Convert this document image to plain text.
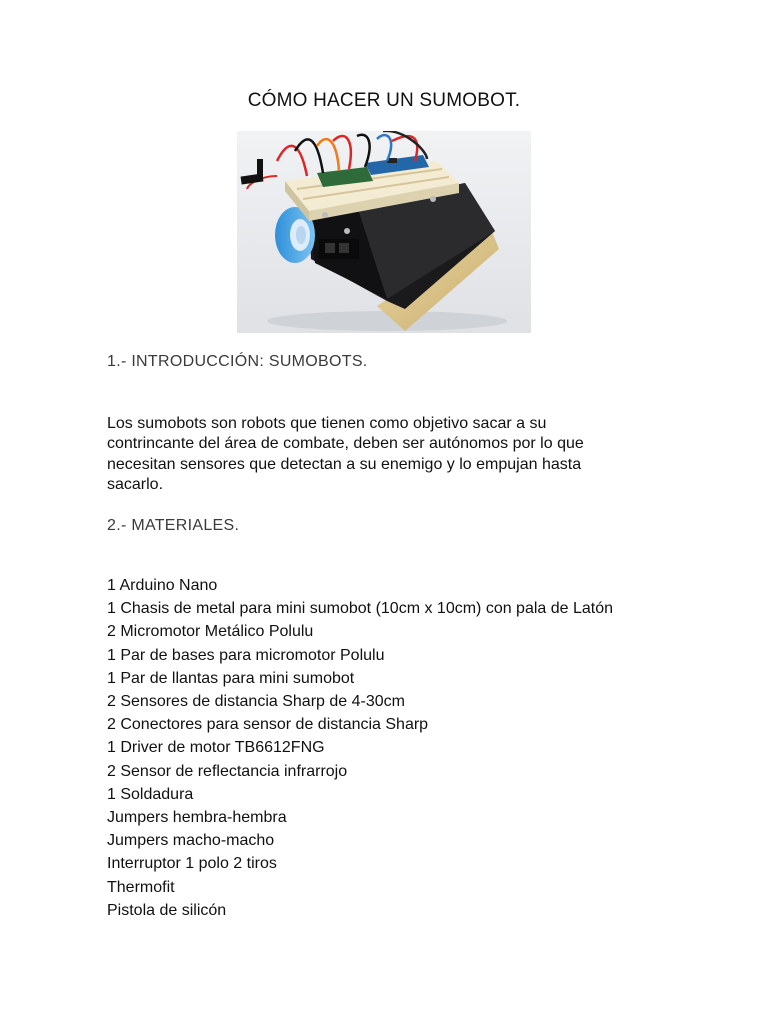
CÓMO HACER UN SUMOBOT.
1.- INTRODUCCIÓN: SUMOBOTS.
Los sumobots son robots que tienen como objetivo sacar a su
contrincante del área de combate, deben ser autónomos por lo que
necesitan sensores que detectan a su enemigo y lo empujan hasta
sacarlo.
2.- MATERIALES.
1 Arduino Nano
1 Chasis de metal para mini sumobot (10cm x 10cm) con pala de Latón
2 Micromotor Metálico Polulu
1 Par de bases para micromotor Polulu
1 Par de llantas para mini sumobot
2 Sensores de distancia Sharp de 4-30cm
2 Conectores para sensor de distancia Sharp
1 Driver de motor TB6612FNG
2 Sensor de reflectancia infrarrojo
1 Soldadura
Jumpers hembra-hembra
Jumpers macho-macho
Interruptor 1 polo 2 tiros
Thermofit
Pistola de silicón
